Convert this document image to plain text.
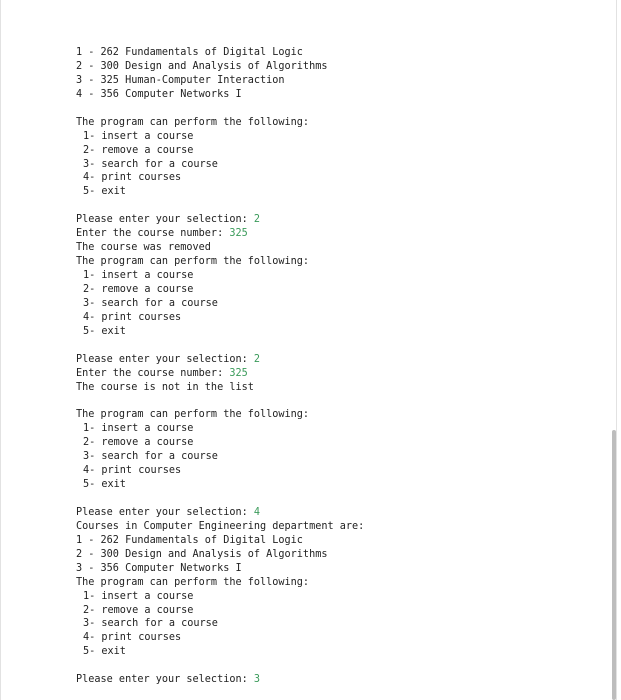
1 - 262 Fundamentals of Digital Logic
2 - 300 Design and Analysis of Algorithms
3 - 325 Human-Computer Interaction
4 - 356 Computer Networks I
The program can perform the following:
1- insert a course
2- remove a course
3- search for a course
4- print courses
5- exit
Please enter your selection: 2
Enter the course number: 325
The course was removed
The program can perform the following:
1- insert a course
2- remove a course
3- search for a course
4- print courses
5- exit
Please enter your selection: 2
Enter the course number: 325
The course is not in the list
The program can perform the following:
1- insert a course
2- remove a course
3- search for a course
4- print courses
5- exit
Please enter your selection: 4
Courses in Computer Engineering department are:
1 - 262 Fundamentals of Digital Logic
2 - 300 Design and Analysis of Algorithms
3 - 356 Computer Networks I
The program can perform the following:
1- insert a course
2- remove a course
3- search for a course
4- print courses
5- exit
Please enter your selection: 3
